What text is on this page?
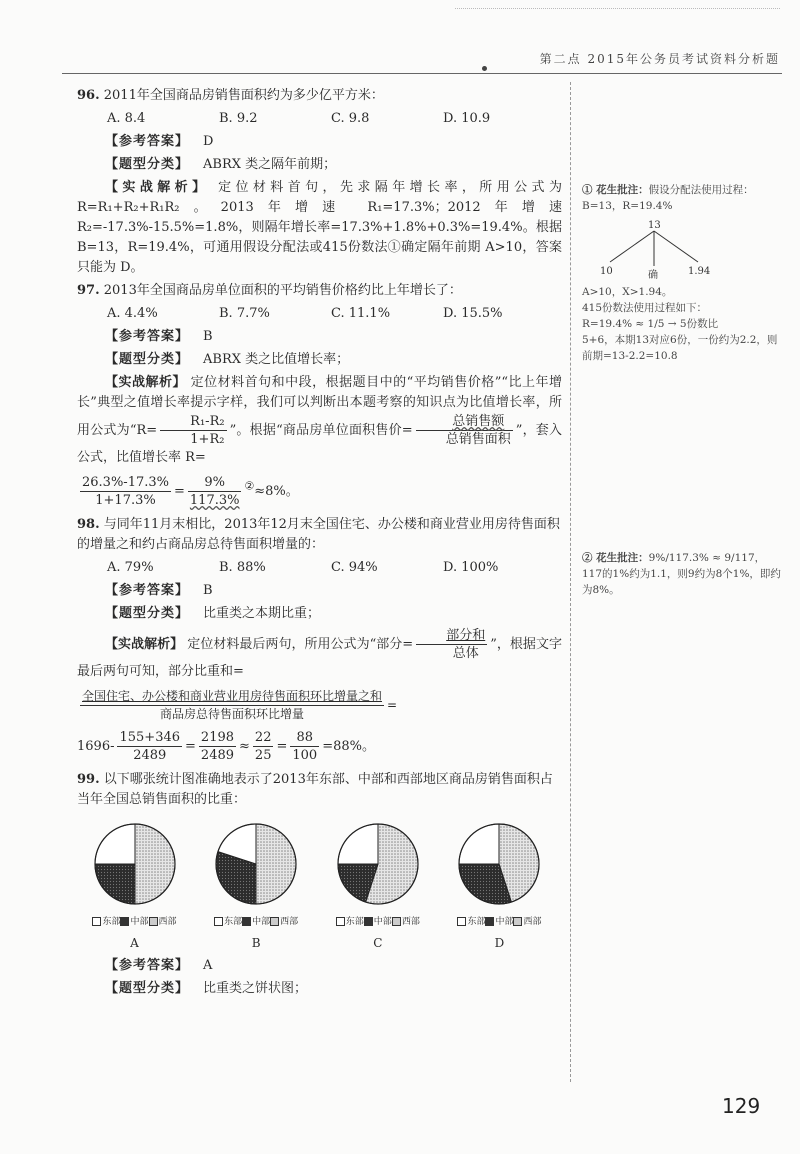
第二点 2015年公务员考试资料分析题

96. 2011年全国商品房销售面积约为多少亿平方米：

A. 8.4	B. 9.2	C. 9.8	D. 10.9
【参考答案】 D
【题型分类】 ABRX 类之隔年前期；
【实战解析】 定位材料首句，先求隔年增长率，所用公式为 R=R₁+R₂+R₁R₂。2013年增速 R₁=17.3%；2012年增速 R₂=-17.3%-15.5%=1.8%，则隔年增长率=17.3%+1.8%+0.3%=19.4%。根据 B=13，R=19.4%，可通用假设分配法或415份数法①确定隔年前期 A>10，答案只能为 D。

97. 2013年全国商品房单位面积的平均销售价格约比上年增长了：

A. 4.4%	B. 7.7%	C. 11.1%	D. 15.5%
【参考答案】 B
【题型分类】 ABRX 类之比值增长率；
【实战解析】 定位材料首句和中段，根据题目中的“平均销售价格”“比上年增长”典型之值增长率提示字样，我们可以判断出本题考察的知识点为比值增长率，所用公式为“$R= \frac{\text{R₁-R₂}}{\text{1+R₂}}$ ”。根据“商品房单位面积售价= $\frac{\text{总销售额}}{\text{总销售面积}}$ ”，套入公式，比值增长率 R=
$\frac{26.3\%-17.3\%}{1+17.3\%} = \frac{9\%}{117.3\%} ^②\approx 8\%$。

98. 与同年11月末相比，2013年12月末全国住宅、办公楼和商业营业用房待售面积的增量之和约占商品房总待售面积增量的：

A. 79%	B. 88%	C. 94%	D. 100%
【参考答案】 B
【题型分类】 比重类之本期比重；
【实战解析】 定位材料最后两句，所用公式为“部分= $\frac{\text{部分和}}{\text{总体}}$ ”，根据文字最后两句可知，部分比重和=
$\frac{\text{全国住宅、办公楼和商业营业用房待售面积环比增量之和}}{\text{商品房总待售面积环比增量}}$ =
$1696- \frac{155+346}{2489} = \frac{2198}{2489} \approx \frac{22}{25} = \frac{88}{100} =88\%$。

99. 以下哪张统计图准确地表示了2013年东部、中部和西部地区商品房销售面积占当年全国总销售面积的比重：

东部 中部 西部
A
东部 中部 西部
B
东部 中部 西部
C
东部 中部 西部
D
【参考答案】 A
【题型分类】 比重类之饼状图；
① 花生批注：假设分配法使用过程：
B=13，R=19.4%
13
10	确	1.94
A>10，X>1.94。
415份数法使用过程如下：
R=19.4% ≈ 1/5 → 5份数比
5+6，本期13对应6份，一份约为2.2，则前期=13-2.2=10.8
② 花生批注：9%/117.3% ≈ 9/117，
117的1%约为1.1，则9约为8个1%，即约为8%。
129
